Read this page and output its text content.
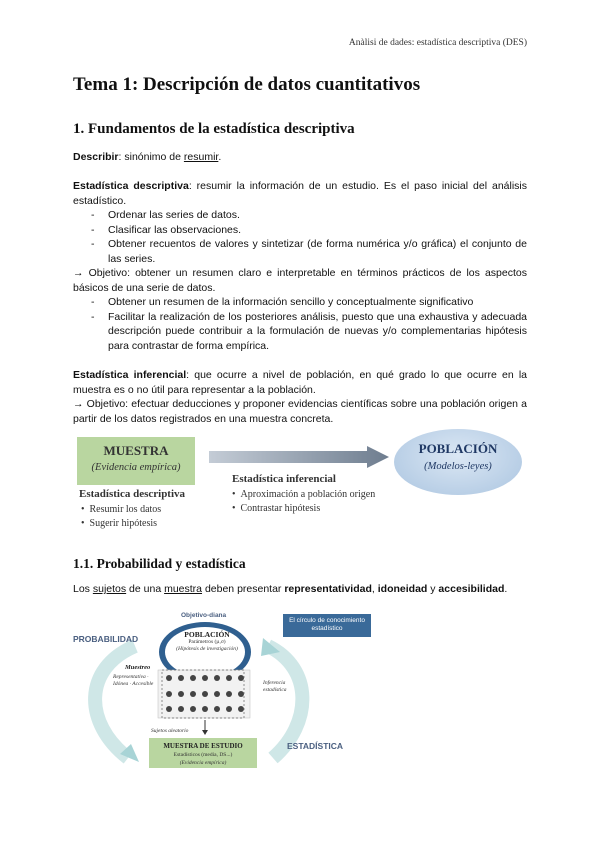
Anàlisi de dades: estadística descriptiva (DES)
Tema 1: Descripción de datos cuantitativos
1. Fundamentos de la estadística descriptiva

Describir: sinónimo de resumir.

Estadística descriptiva: resumir la información de un estudio. Es el paso inicial del análisis estadístico.

- Ordenar las series de datos.
- Clasificar las observaciones.
- Obtener recuentos de valores y sintetizar (de forma numérica y/o gráfica) el conjunto de las series.

→ Objetivo: obtener un resumen claro e interpretable en términos prácticos de los aspectos básicos de una serie de datos.

- Obtener un resumen de la información sencillo y conceptualmente significativo
- Facilitar la realización de los posteriores análisis, puesto que una exhaustiva y adecuada descripción puede contribuir a la formulación de nuevas y/o complementarias hipótesis para contrastar de forma empírica.

Estadística inferencial: que ocurre a nivel de población, en qué grado lo que ocurre en la muestra es o no útil para representar a la población.

→ Objetivo: efectuar deducciones y proponer evidencias científicas sobre una población origen a partir de los datos registrados en una muestra concreta.

MUESTRA
(Evidencia empírica)
POBLACIÓN
(Modelos-leyes)
Estadística descriptiva
• Resumir los datos
• Sugerir hipótesis
Estadística inferencial
• Aproximación a población origen
• Contrastar hipótesis
1.1. Probabilidad y estadística

Los sujetos de una muestra deben presentar representatividad, idoneidad y accesibilidad.

PROBABILIDAD
ESTADÍSTICA
Objetivo-diana
POBLACIÓN
Parámetros (µ,σ)
(Hipótesis de investigación)
Muestreo
Representativa · Idónea · Accesible	Inferencia estadística
Sujetos aleatorio
MUESTRA DE ESTUDIO
Estadísticos (media, DS...)
(Evidencia empírica)
El círculo de conocimiento estadístico
